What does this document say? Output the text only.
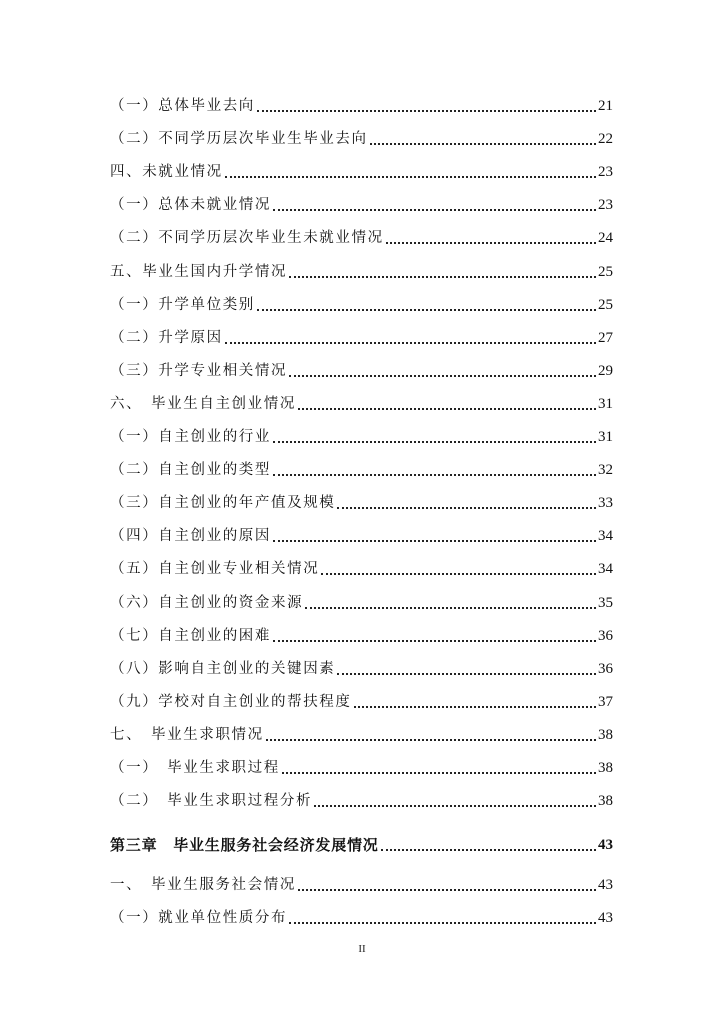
（一）总体毕业去向	21
（二）不同学历层次毕业生毕业去向	22
四、未就业情况	23
（一）总体未就业情况	23
（二）不同学历层次毕业生未就业情况	24
五、毕业生国内升学情况	25
（一）升学单位类别	25
（二）升学原因	27
（三）升学专业相关情况	29
六、　毕业生自主创业情况	31
（一）自主创业的行业	31
（二）自主创业的类型	32
（三）自主创业的年产值及规模	33
（四）自主创业的原因	34
（五）自主创业专业相关情况	34
（六）自主创业的资金来源	35
（七）自主创业的困难	36
（八）影响自主创业的关键因素	36
（九）学校对自主创业的帮扶程度	37
七、　毕业生求职情况	38
（一）　毕业生求职过程	38
（二）　毕业生求职过程分析	38
第三章　毕业生服务社会经济发展情况	43
一、　毕业生服务社会情况	43
（一）就业单位性质分布	43
II
